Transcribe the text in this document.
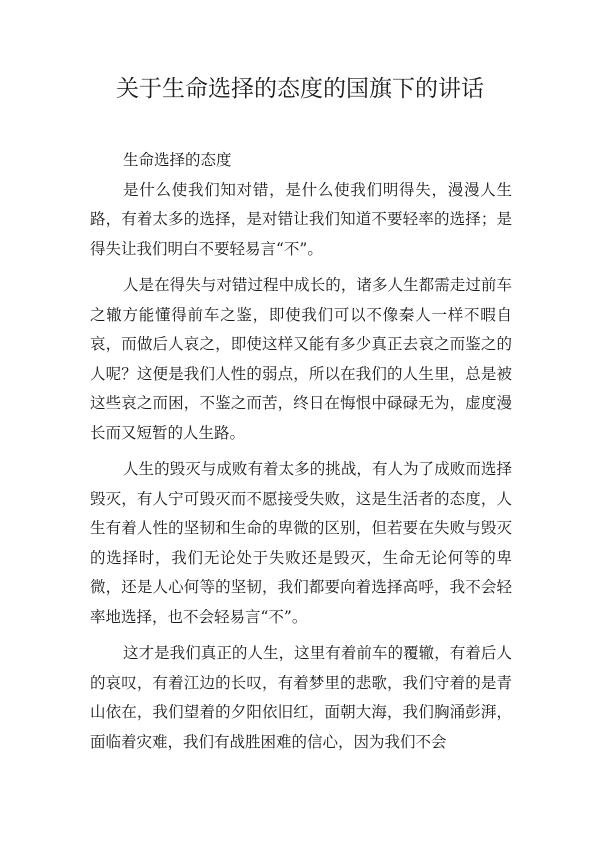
关于生命选择的态度的国旗下的讲话

生命选择的态度

是什么使我们知对错，是什么使我们明得失，漫漫人生路，有着太多的选择，是对错让我们知道不要轻率的选择；是得失让我们明白不要轻易言“不”。

人是在得失与对错过程中成长的，诸多人生都需走过前车之辙方能懂得前车之鉴，即使我们可以不像秦人一样不暇自哀，而做后人哀之，即使这样又能有多少真正去哀之而鉴之的人呢？这便是我们人性的弱点，所以在我们的人生里，总是被这些哀之而困，不鉴之而苦，终日在悔恨中碌碌无为，虚度漫长而又短暂的人生路。

人生的毁灭与成败有着太多的挑战，有人为了成败而选择毁灭，有人宁可毁灭而不愿接受失败，这是生活者的态度，人生有着人性的坚韧和生命的卑微的区别，但若要在失败与毁灭的选择时，我们无论处于失败还是毁灭，生命无论何等的卑微，还是人心何等的坚韧，我们都要向着选择高呼，我不会轻率地选择，也不会轻易言“不”。

这才是我们真正的人生，这里有着前车的覆辙，有着后人的哀叹，有着江边的长叹，有着梦里的悲歌，我们守着的是青山依在，我们望着的夕阳依旧红，面朝大海，我们胸涌彭湃，面临着灾难，我们有战胜困难的信心，因为我们不会
